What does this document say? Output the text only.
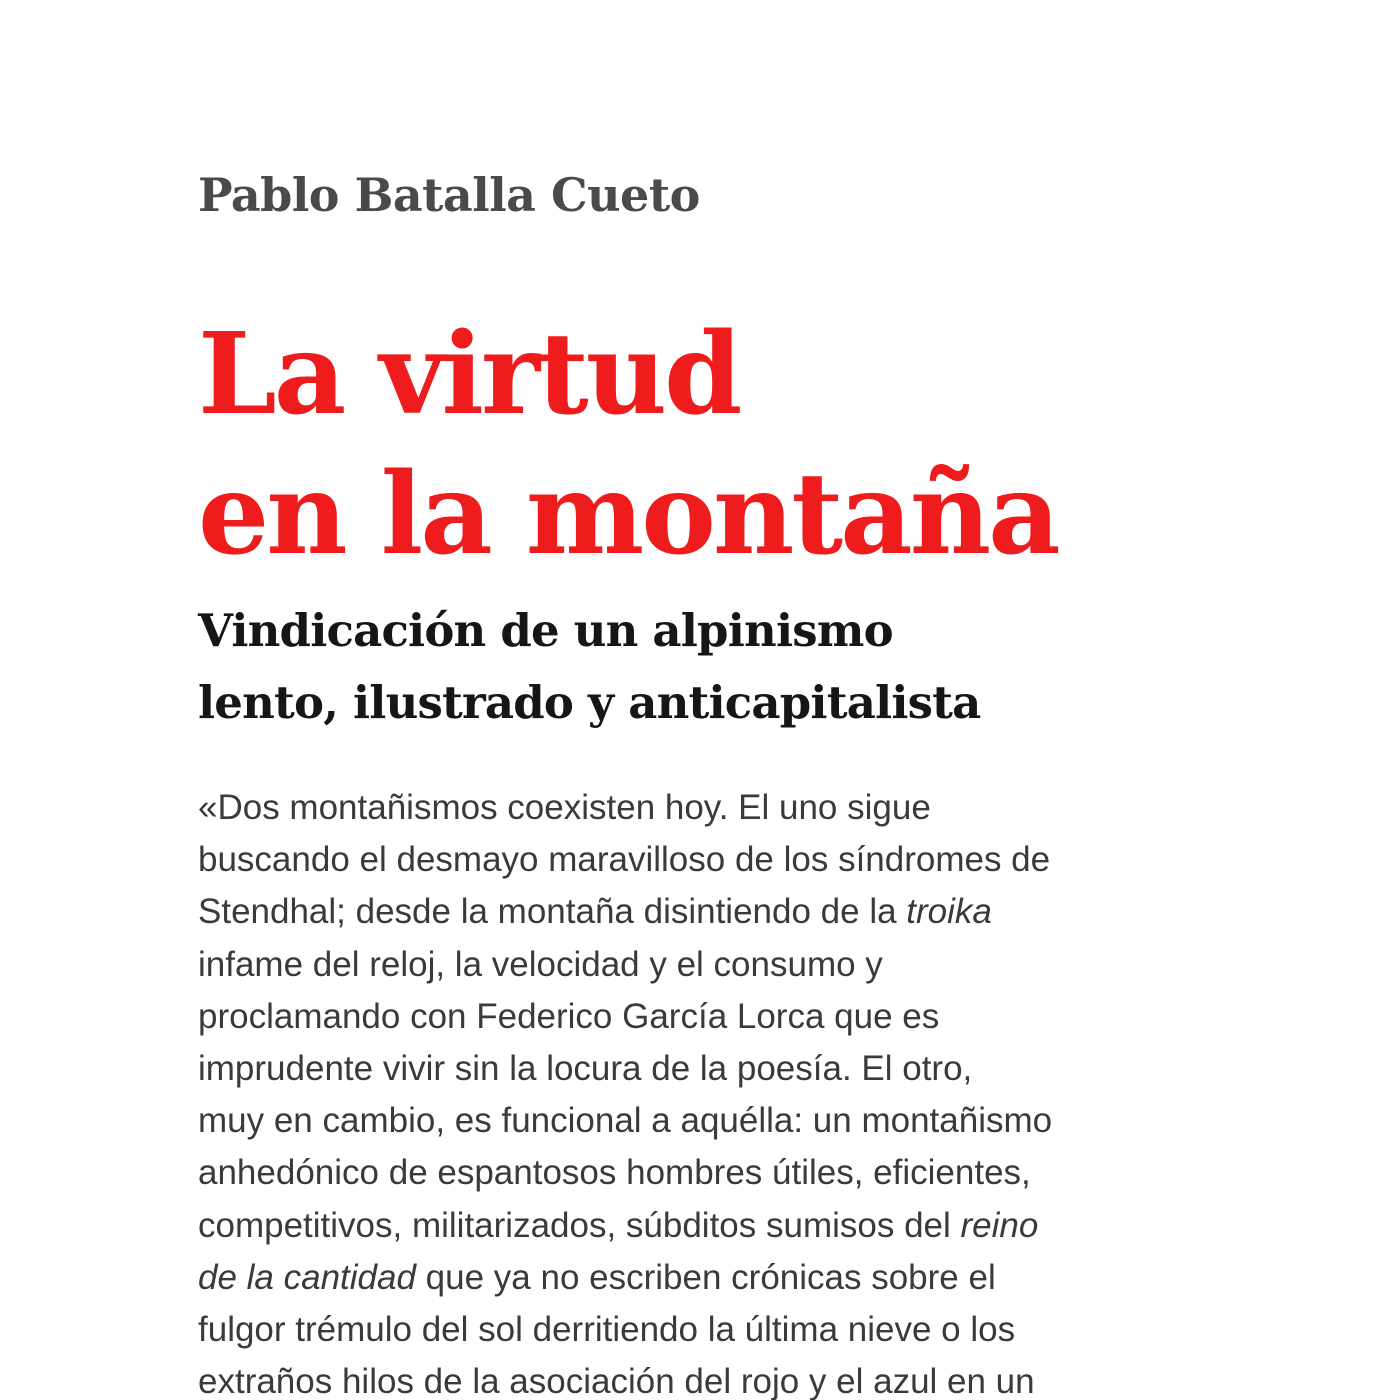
Pablo Batalla Cueto
La virtud
en la montaña
Vindicación de un alpinismo
lento, ilustrado y anticapitalista

«Dos montañismos coexisten hoy. El uno sigue
buscando el desmayo maravilloso de los síndromes de
Stendhal; desde la montaña disintiendo de la troika
infame del reloj, la velocidad y el consumo y
proclamando con Federico García Lorca que es
imprudente vivir sin la locura de la poesía. El otro,
muy en cambio, es funcional a aquélla: un montañismo
anhedónico de espantosos hombres útiles, eficientes,
competitivos, militarizados, súbditos sumisos del reino
de la cantidad que ya no escriben crónicas sobre el
fulgor trémulo del sol derritiendo la última nieve o los
extraños hilos de la asociación del rojo y el azul en un
